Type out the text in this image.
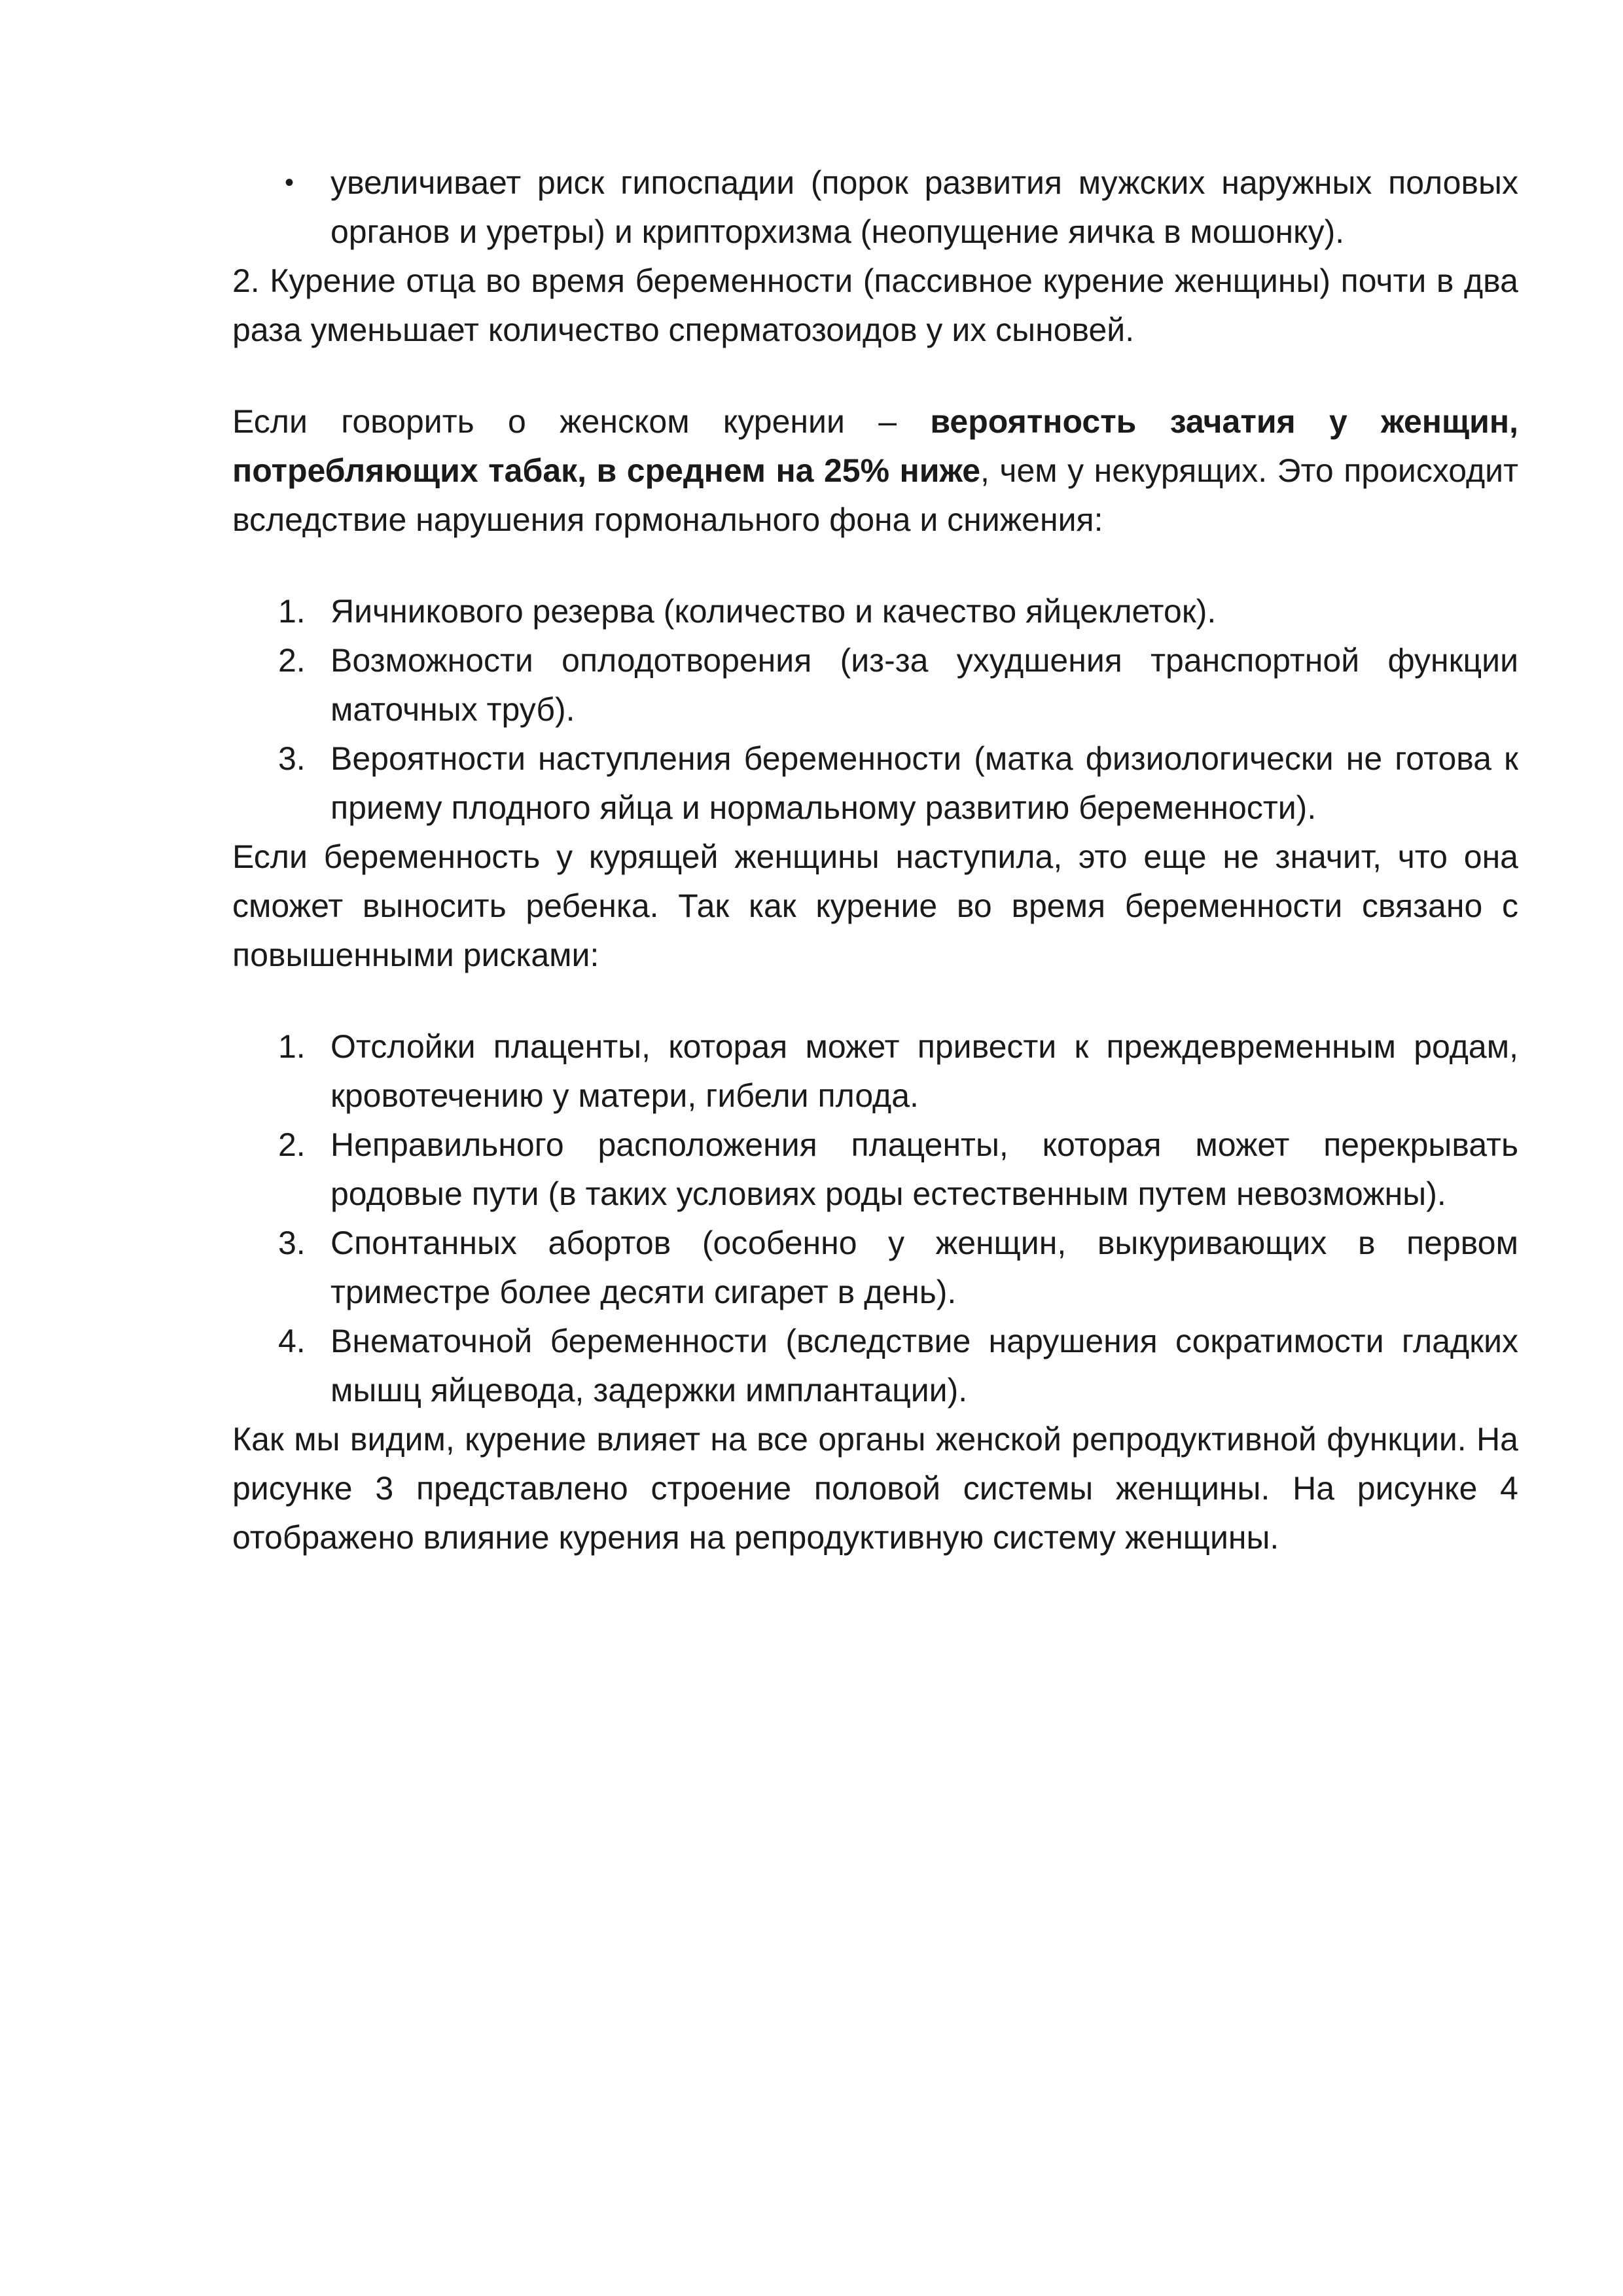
• увеличивает риск гипоспадии (порок развития мужских наружных половых органов и уретры) и крипторхизма (неопущение яичка в мошонку).

2. Курение отца во время беременности (пассивное курение женщины) почти в два раза уменьшает количество сперматозоидов у их сыновей.

Если говорить о женском курении – вероятность зачатия у женщин, потребляющих табак, в среднем на 25% ниже, чем у некурящих. Это происходит вследствие нарушения гормонального фона и снижения:

1. Яичникового резерва (количество и качество яйцеклеток).
2. Возможности оплодотворения (из-за ухудшения транспортной функции маточных труб).
3. Вероятности наступления беременности (матка физиологически не готова к приему плодного яйца и нормальному развитию беременности).

Если беременность у курящей женщины наступила, это еще не значит, что она сможет выносить ребенка. Так как курение во время беременности связано с повышенными рисками:

1. Отслойки плаценты, которая может привести к преждевременным родам, кровотечению у матери, гибели плода.
2. Неправильного расположения плаценты, которая может перекрывать родовые пути (в таких условиях роды естественным путем невозможны).
3. Спонтанных абортов (особенно у женщин, выкуривающих в первом триместре более десяти сигарет в день).
4. Внематочной беременности (вследствие нарушения сократимости гладких мышц яйцевода, задержки имплантации).

Как мы видим, курение влияет на все органы женской репродуктивной функции. На рисунке 3 представлено строение половой системы женщины. На рисунке 4 отображено влияние курения на репродуктивную систему женщины.
